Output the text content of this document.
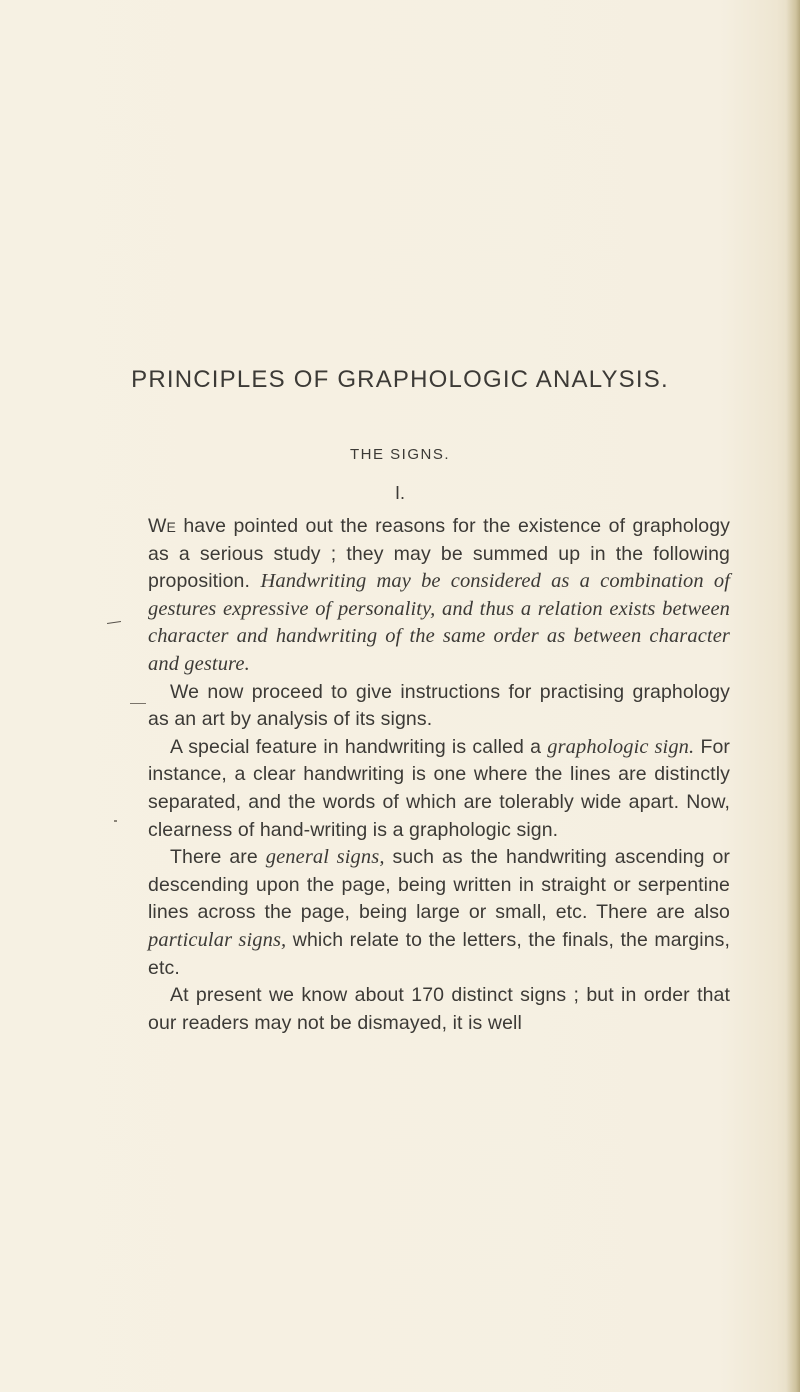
PRINCIPLES OF GRAPHOLOGIC ANALYSIS.
THE SIGNS.
I.

We have pointed out the reasons for the existence of graphology as a serious study ; they may be summed up in the following proposition. Handwriting may be considered as a combination of gestures expressive of personality, and thus a relation exists between character and handwriting of the same order as between character and gesture.

We now proceed to give instructions for practising graphology as an art by analysis of its signs.

A special feature in handwriting is called a graphologic sign. For instance, a clear handwriting is one where the lines are distinctly separated, and the words of which are tolerably wide apart. Now, clearness of hand-writing is a graphologic sign.

There are general signs, such as the handwriting ascending or descending upon the page, being written in straight or serpentine lines across the page, being large or small, etc. There are also particular signs, which relate to the letters, the finals, the margins, etc.

At present we know about 170 distinct signs ; but in order that our readers may not be dismayed, it is well
